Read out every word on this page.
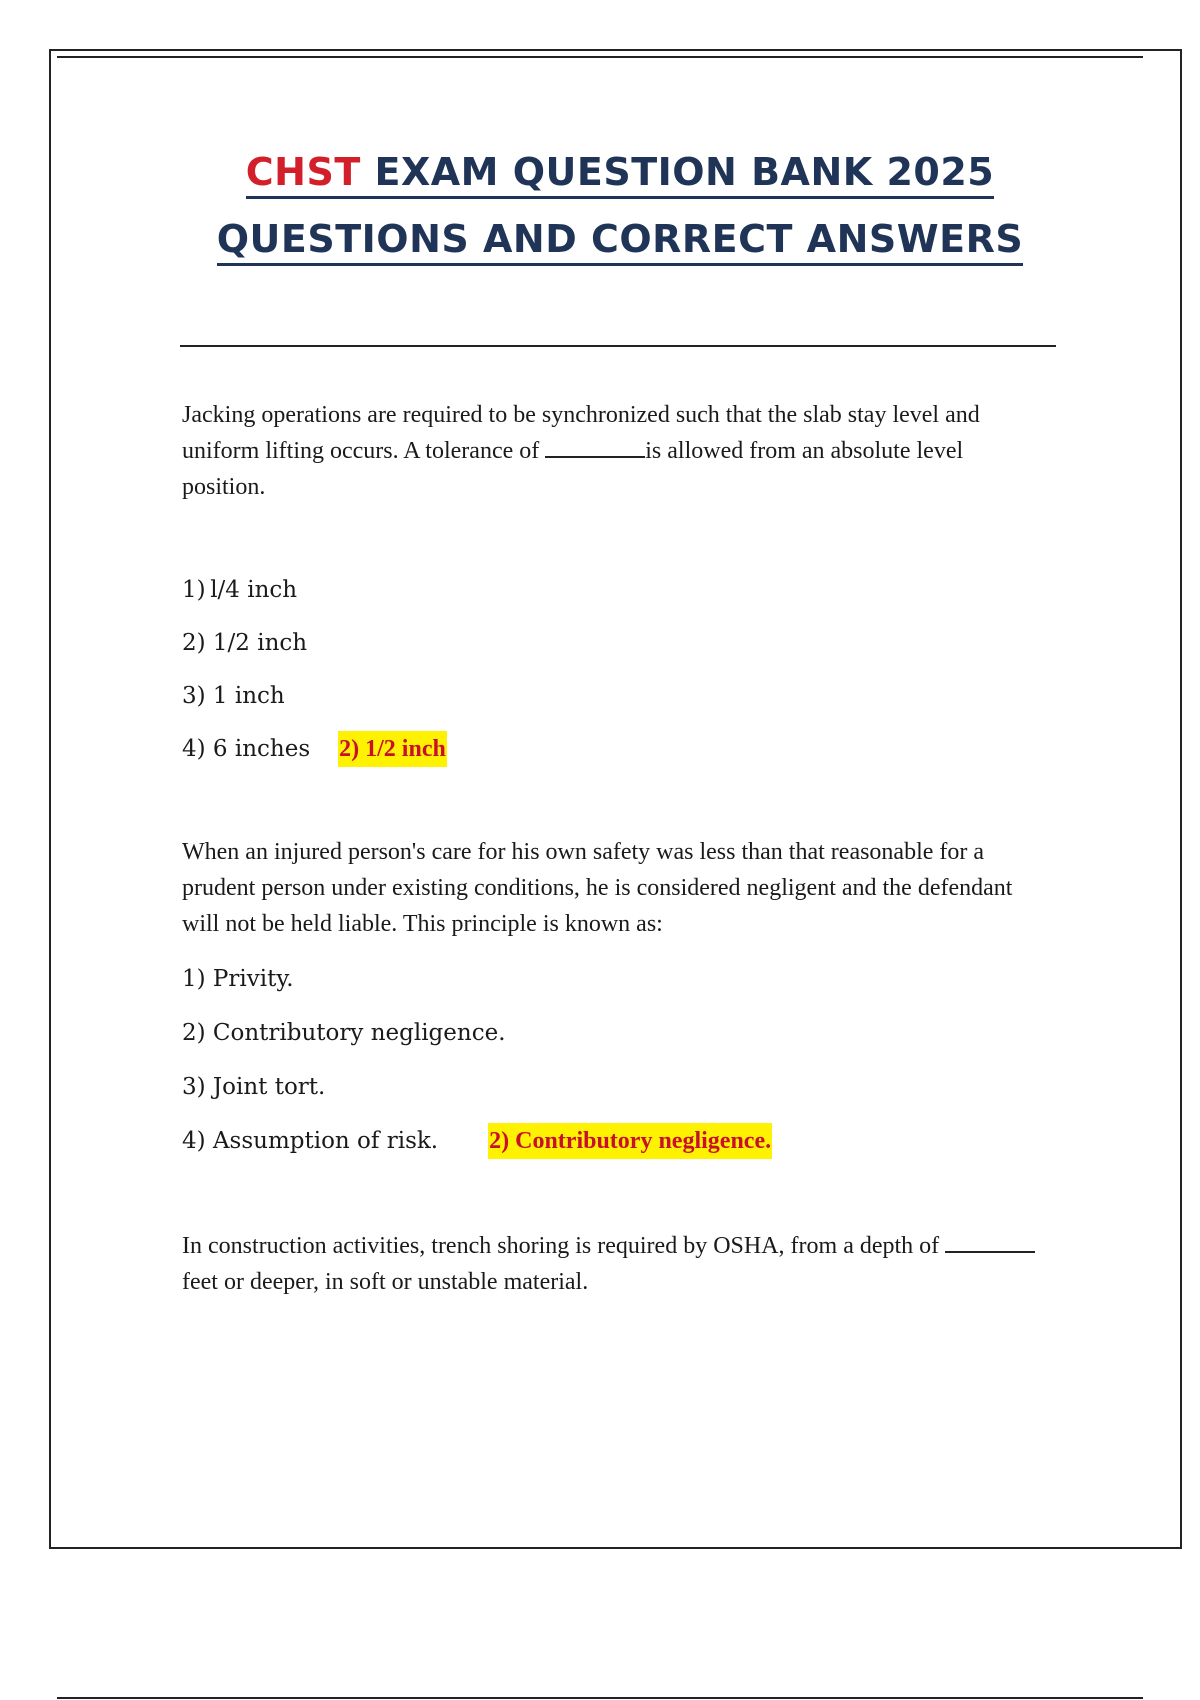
CHST EXAM QUESTION BANK 2025
QUESTIONS AND CORRECT ANSWERS

Jacking operations are required to be synchronized such that the slab stay level and uniform lifting occurs. A tolerance of	is allowed from an absolute level position.

1) l/4 inch
2) 1/2 inch
3) 1 inch
4) 6 inches 2) 1/2 inch

When an injured person's care for his own safety was less than that reasonable for a prudent person under existing conditions, he is considered negligent and the defendant will not be held liable. This principle is known as:

1) Privity.
2) Contributory negligence.
3) Joint tort.
4) Assumption of risk. 2) Contributory negligence.

In construction activities, trench shoring is required by OSHA, from a depth of feet or deeper, in soft or unstable material.
